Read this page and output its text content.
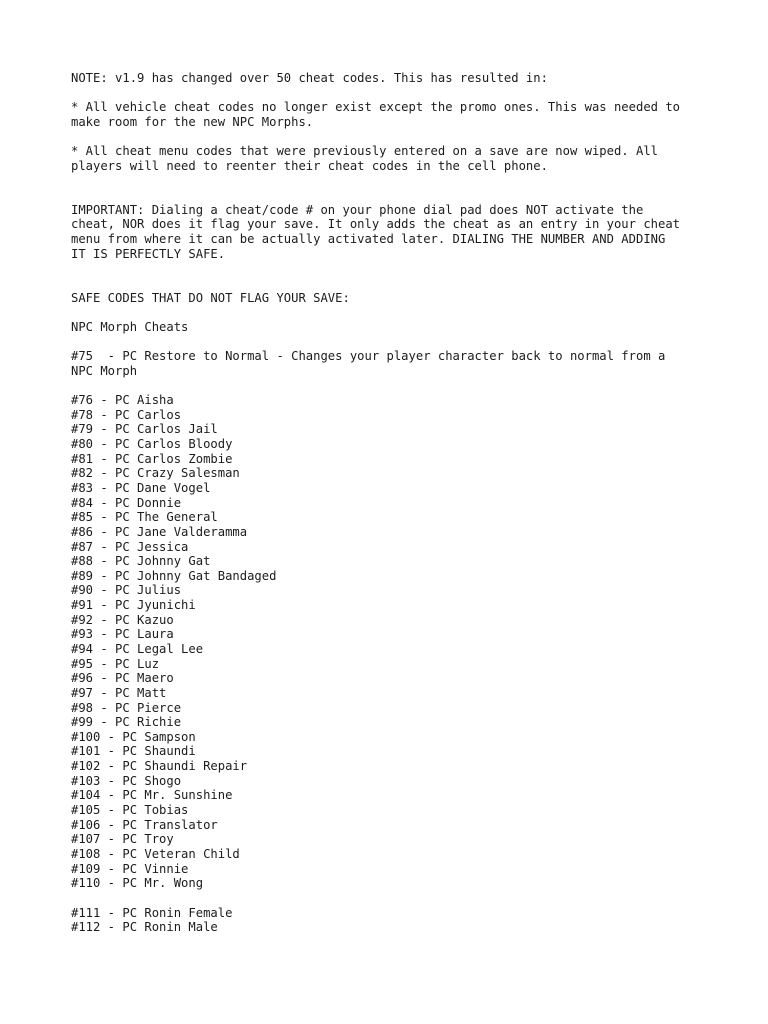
NOTE: v1.9 has changed over 50 cheat codes. This has resulted in:
* All vehicle cheat codes no longer exist except the promo ones. This was needed to
make room for the new NPC Morphs.
* All cheat menu codes that were previously entered on a save are now wiped. All
players will need to reenter their cheat codes in the cell phone.
IMPORTANT: Dialing a cheat/code # on your phone dial pad does NOT activate the
cheat, NOR does it flag your save. It only adds the cheat as an entry in your cheat
menu from where it can be actually activated later. DIALING THE NUMBER AND ADDING
IT IS PERFECTLY SAFE.
SAFE CODES THAT DO NOT FLAG YOUR SAVE:
NPC Morph Cheats
#75  - PC Restore to Normal - Changes your player character back to normal from a
NPC Morph
#76 - PC Aisha
#78 - PC Carlos
#79 - PC Carlos Jail
#80 - PC Carlos Bloody
#81 - PC Carlos Zombie
#82 - PC Crazy Salesman
#83 - PC Dane Vogel
#84 - PC Donnie
#85 - PC The General
#86 - PC Jane Valderamma
#87 - PC Jessica
#88 - PC Johnny Gat
#89 - PC Johnny Gat Bandaged
#90 - PC Julius
#91 - PC Jyunichi
#92 - PC Kazuo
#93 - PC Laura
#94 - PC Legal Lee
#95 - PC Luz
#96 - PC Maero
#97 - PC Matt
#98 - PC Pierce
#99 - PC Richie
#100 - PC Sampson
#101 - PC Shaundi
#102 - PC Shaundi Repair
#103 - PC Shogo
#104 - PC Mr. Sunshine
#105 - PC Tobias
#106 - PC Translator
#107 - PC Troy
#108 - PC Veteran Child
#109 - PC Vinnie
#110 - PC Mr. Wong
#111 - PC Ronin Female
#112 - PC Ronin Male
